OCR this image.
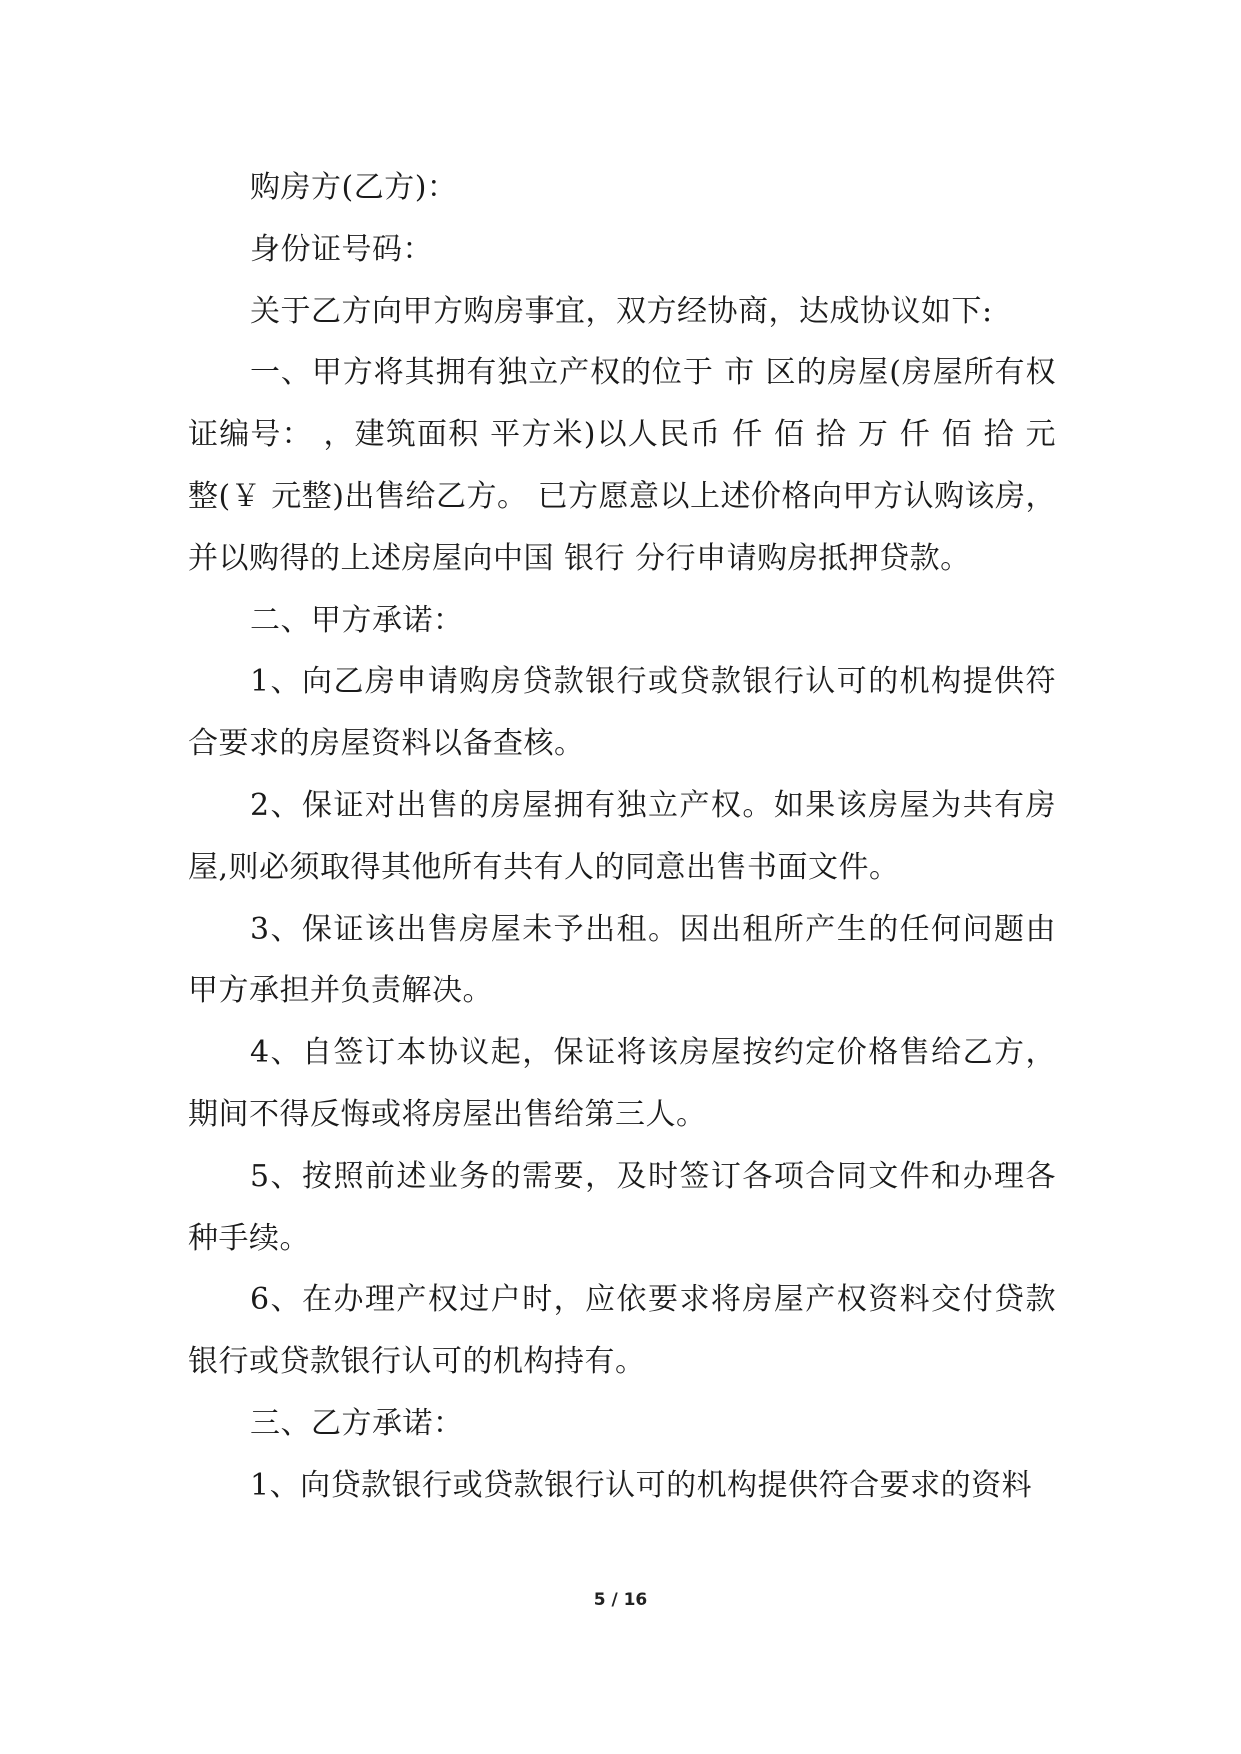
购房方(乙方)：

身份证号码：

关于乙方向甲方购房事宜，双方经协商，达成协议如下:

一、甲方将其拥有独立产权的位于 市 区的房屋(房屋所有权证编号： ，建筑面积 平方米)以人民币 仟 佰 拾 万 仟 佰 拾 元整(￥ 元整)出售给乙方。 已方愿意以上述价格向甲方认购该房，并以购得的上述房屋向中国 银行 分行申请购房抵押贷款。

二、甲方承诺：

1、向乙房申请购房贷款银行或贷款银行认可的机构提供符合要求的房屋资料以备查核。

2、保证对出售的房屋拥有独立产权。如果该房屋为共有房屋,则必须取得其他所有共有人的同意出售书面文件。

3、保证该出售房屋未予出租。因出租所产生的任何问题由甲方承担并负责解决。

4、自签订本协议起，保证将该房屋按约定价格售给乙方，期间不得反悔或将房屋出售给第三人。

5、按照前述业务的需要，及时签订各项合同文件和办理各种手续。

6、在办理产权过户时，应依要求将房屋产权资料交付贷款银行或贷款银行认可的机构持有。

三、乙方承诺：

1、向贷款银行或贷款银行认可的机构提供符合要求的资料

5 / 16
